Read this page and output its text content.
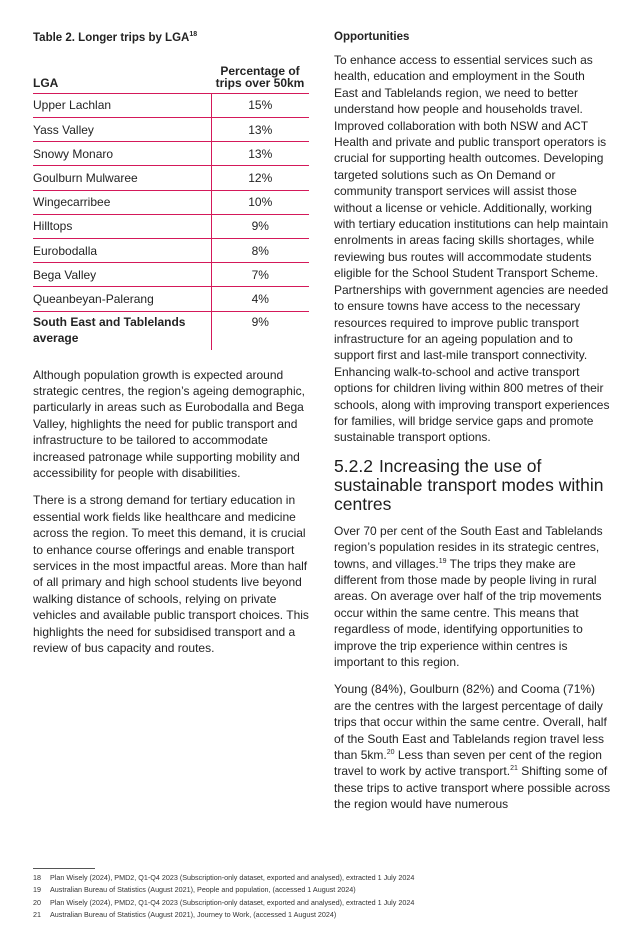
Table 2. Longer trips by LGA$^{18}$
LGA	Percentage of trips over 50km
Upper Lachlan	15%
Yass Valley	13%
Snowy Monaro	13%
Goulburn Mulwaree	12%
Wingecarribee	10%
Hilltops	9%
Eurobodalla	8%
Bega Valley	7%
Queanbeyan-Palerang	4%
South East and Tablelands average	9%

Although population growth is expected around strategic centres, the region’s ageing demographic, particularly in areas such as Eurobodalla and Bega Valley, highlights the need for public transport and infrastructure to be tailored to accommodate increased patronage while supporting mobility and accessibility for people with disabilities.

There is a strong demand for tertiary education in essential work fields like healthcare and medicine across the region. To meet this demand, it is crucial to enhance course offerings and enable transport services in the most impactful areas. More than half of all primary and high school students live beyond walking distance of schools, relying on private vehicles and available public transport choices. This highlights the need for subsidised transport and a review of bus capacity and routes.

Opportunities

To enhance access to essential services such as health, education and employment in the South East and Tablelands region, we need to better understand how people and households travel. Improved collaboration with both NSW and ACT Health and private and public transport operators is crucial for supporting health outcomes. Developing targeted solutions such as On Demand or community transport services will assist those without a license or vehicle. Additionally, working with tertiary education institutions can help maintain enrolments in areas facing skills shortages, while reviewing bus routes will accommodate students eligible for the School Student Transport Scheme. Partnerships with government agencies are needed to ensure towns have access to the necessary resources required to improve public transport infrastructure for an ageing population and to support first and last-mile transport connectivity. Enhancing walk-to-school and active transport options for children living within 800 metres of their schools, along with improving transport experiences for families, will bridge service gaps and promote sustainable transport options.

5.2.2 Increasing the use of sustainable transport modes within centres

Over 70 per cent of the South East and Tablelands region’s population resides in its strategic centres, towns, and villages.$^{19}$ The trips they make are different from those made by people living in rural areas. On average over half of the trip movements occur within the same centre. This means that regardless of mode, identifying opportunities to improve the trip experience within centres is important to this region.

Young (84%), Goulburn (82%) and Cooma (71%) are the centres with the largest percentage of daily trips that occur within the same centre. Overall, half of the South East and Tablelands region travel less than 5km.$^{20}$ Less than seven per cent of the region travel to work by active transport.$^{21}$ Shifting some of these trips to active transport where possible across the region would have numerous

18 Plan Wisely (2024), PMD2, Q1-Q4 2023 (Subscription-only dataset, exported and analysed), extracted 1 July 2024
19 Australian Bureau of Statistics (August 2021), People and population, (accessed 1 August 2024)
20 Plan Wisely (2024), PMD2, Q1-Q4 2023 (Subscription-only dataset, exported and analysed), extracted 1 July 2024
21 Australian Bureau of Statistics (August 2021), Journey to Work, (accessed 1 August 2024)
